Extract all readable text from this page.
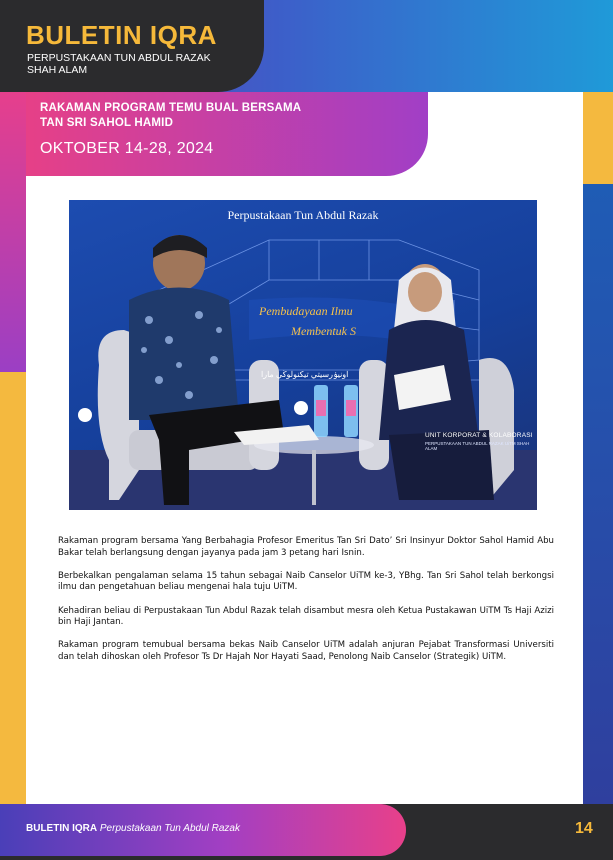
BULETIN IQRA
PERPUSTAKAAN TUN ABDUL RAZAK
SHAH ALAM
RAKAMAN PROGRAM TEMU BUAL BERSAMA
TAN SRI SAHOL HAMID
OKTOBER 14-28, 2024
Perpustakaan Tun Abdul Razak
Pembudayaan Ilmu
Membentuk S
اونيۏرسيتي تيكنولوڬي مارا
UNIT KORPORAT & KOLABORASI
PERPUSTAKAAN TUN ABDUL RAZAK UiTM SHAH ALAM

Rakaman program bersama Yang Berbahagia Profesor Emeritus Tan Sri Dato’ Sri Insinyur Doktor Sahol Hamid Abu Bakar telah berlangsung dengan jayanya pada jam 3 petang hari Isnin.

Berbekalkan pengalaman selama 15 tahun sebagai Naib Canselor UiTM ke-3, YBhg. Tan Sri Sahol telah berkongsi ilmu dan pengetahuan beliau mengenai hala tuju UiTM.

Kehadiran beliau di Perpustakaan Tun Abdul Razak telah disambut mesra oleh Ketua Pustakawan UiTM Ts Haji Azizi bin Haji Jantan.

Rakaman program temubual bersama bekas Naib Canselor UiTM adalah anjuran Pejabat Transformasi Universiti dan telah dihoskan oleh Profesor Ts Dr Hajah Nor Hayati Saad, Penolong Naib Canselor (Strategik) UiTM.

BULETIN IQRA Perpustakaan Tun Abdul Razak	14
